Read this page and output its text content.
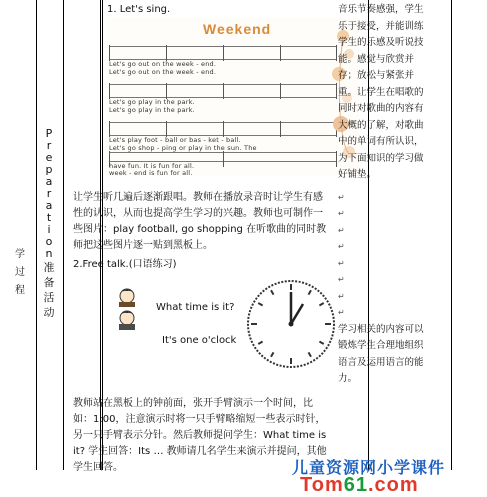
学
过
程
P
r
e
p
a
r
a
t
i
o
n
准
备
活
动
1. Let's sing.
Weekend
Let's go out on the week - end.
Let's go out on the week - end.
Let's go play in the park.
Let's go play in the park.
Let's play foot - ball or bas - ket - ball.
Let's go shop - ping or play in the sun. The
have fun. It is fun for all.
week - end is fun for all.
让学生听几遍后逐渐跟唱。教师在播放录音时让学生有感性的认识，从而也提高学生学习的兴趣。教师也可制作一些图片：play football, go shopping 在听歌曲的同时教师把这些图片逐一贴到黑板上。
2.Free talk.(口语练习)
What time is it?
It's one o'clock
教师站在黑板上的钟前面，张开手臂演示一个时间，比如：1:00，注意演示时将一只手臂略缩短一些表示时针，另一只手臂表示分针。然后教师提问学生：What time is it? 学生回答：Its … 教师请几名学生来演示并提问，其他学生回答。

音乐节奏感强，学生乐于接受，并能训练学生的乐感及听说技能。感觉与欣赏并存；放松与紧张并重。让学生在唱歌的同时对歌曲的内容有大概的了解，对歌曲中的单词有所认识，为下面知识的学习做好铺垫。

↵
↵
↵
↵
↵
↵
↵
↵

学习相关的内容可以锻炼学生合理地组织语言及运用语言的能力。

儿童资源网小学课件
Tom61.com
